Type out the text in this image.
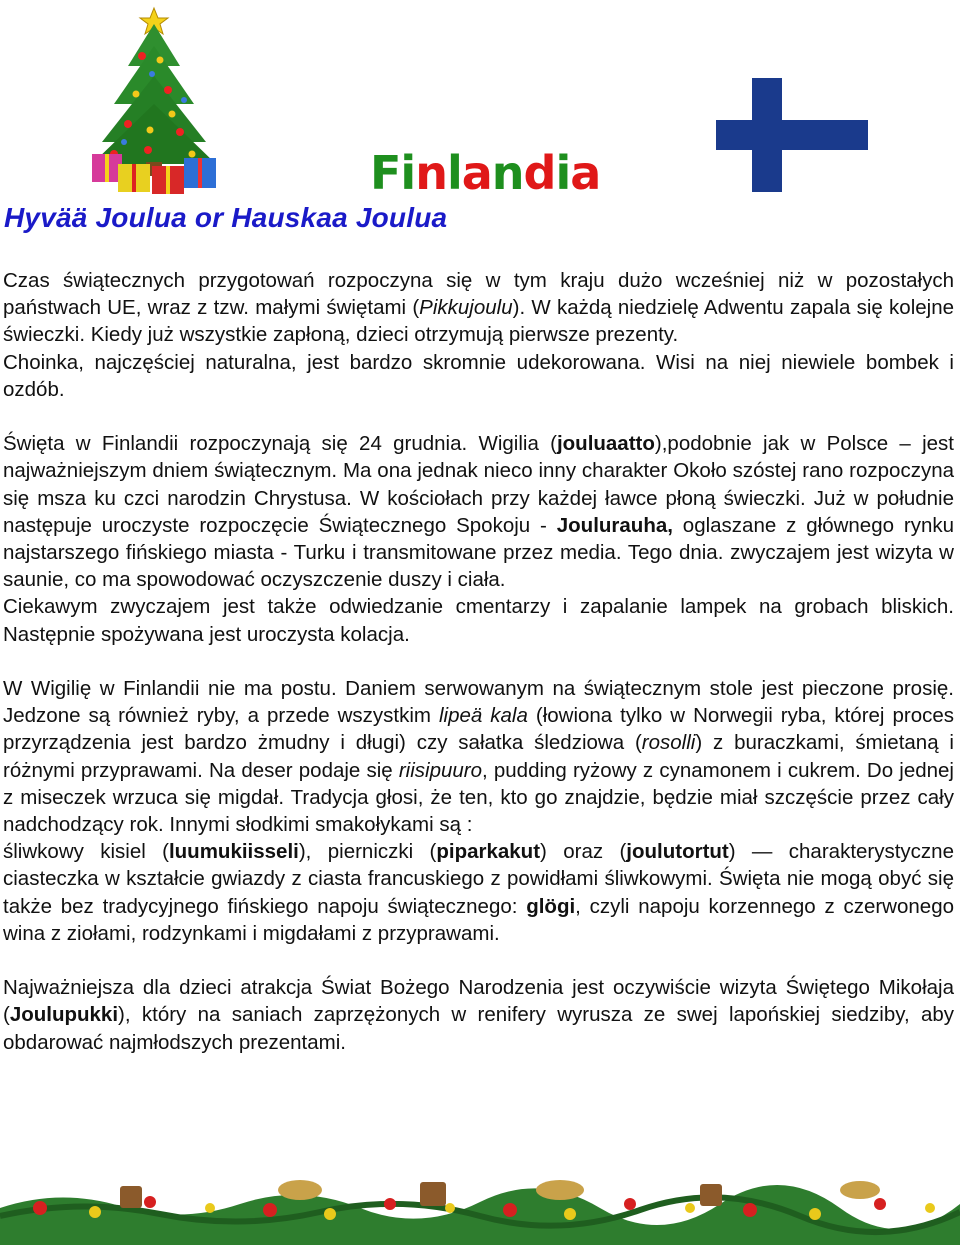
Finlandia
Hyvää Joulua or Hauskaa Joulua

Czas świątecznych przygotowań rozpoczyna się w tym kraju dużo wcześniej niż w pozostałych państwach UE, wraz z tzw. małymi świętami (Pikkujoulu). W każdą niedzielę Adwentu zapala się kolejne świeczki. Kiedy już wszystkie zapłoną, dzieci otrzymują pierwsze prezenty.

Choinka, najczęściej naturalna, jest bardzo skromnie udekorowana. Wisi na niej niewiele bombek i ozdób.

Święta w Finlandii rozpoczynają się 24 grudnia. Wigilia (jouluaatto),podobnie jak w Polsce – jest najważniejszym dniem świątecznym. Ma ona jednak nieco inny charakter Około szóstej rano rozpoczyna się msza ku czci narodzin Chrystusa. W kościołach przy każdej ławce płoną świeczki. Już w południe następuje uroczyste rozpoczęcie Świątecznego Spokoju - Joulurauha, oglaszane z głównego rynku najstarszego fińskiego miasta - Turku i transmitowane przez media. Tego dnia. zwyczajem jest wizyta w saunie, co ma spowodować oczyszczenie duszy i ciała.

Ciekawym zwyczajem jest także odwiedzanie cmentarzy i zapalanie lampek na grobach bliskich. Następnie spożywana jest uroczysta kolacja.

W Wigilię w Finlandii nie ma postu. Daniem serwowanym na świątecznym stole jest pieczone prosię. Jedzone są również ryby, a przede wszystkim lipeä kala (łowiona tylko w Norwegii ryba, której proces przyrządzenia jest bardzo żmudny i długi) czy sałatka śledziowa (rosolli) z buraczkami, śmietaną i różnymi przyprawami. Na deser podaje się riisipuuro, pudding ryżowy z cynamonem i cukrem. Do jednej z miseczek wrzuca się migdał. Tradycja głosi, że ten, kto go znajdzie, będzie miał szczęście przez cały nadchodzący rok. Innymi słodkimi smakołykami są :

śliwkowy kisiel (luumukiisseli), pierniczki (piparkakut) oraz (joulutortut) — charakterystyczne ciasteczka w kształcie gwiazdy z ciasta francuskiego z powidłami śliwkowymi. Święta nie mogą obyć się także bez tradycyjnego fińskiego napoju świątecznego: glögi, czyli napoju korzennego z czerwonego wina z ziołami, rodzynkami i migdałami z przyprawami.

Najważniejsza dla dzieci atrakcja Świat Bożego Narodzenia jest oczywiście wizyta Świętego Mikołaja (Joulupukki), który na saniach zaprzężonych w renifery wyrusza ze swej lapońskiej siedziby, aby obdarować najmłodszych prezentami.
